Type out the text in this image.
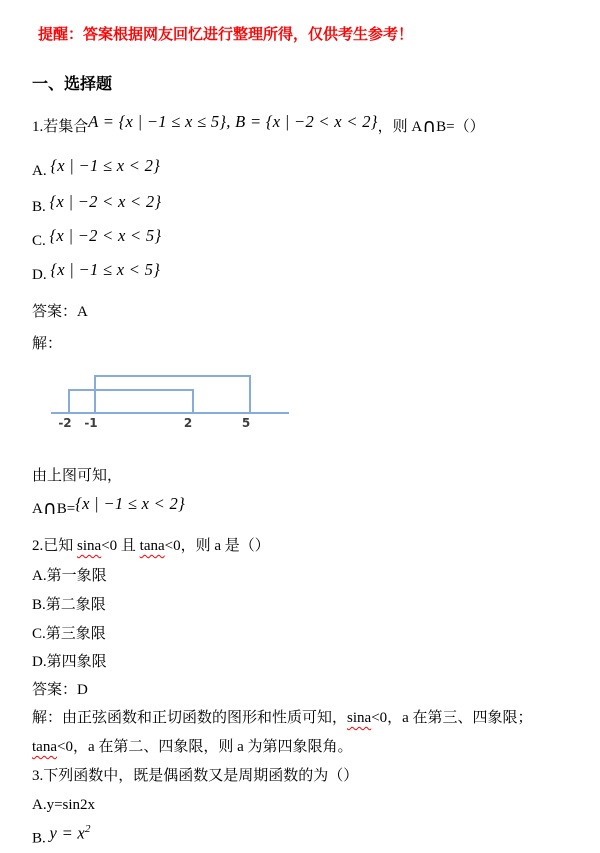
提醒：答案根据网友回忆进行整理所得，仅供考生参考！

一、选择题

1.若集合A = {x | −1 ≤ x ≤ 5}, B = {x | −2 < x < 2}，则 A∩B=（）

A. {x | −1 ≤ x < 2}

B. {x | −2 < x < 2}

C. {x | −2 < x < 5}

D. {x | −1 ≤ x < 5}

答案：A

解：

-2 -1	2	5

由上图可知，

A∩B={x | −1 ≤ x < 2}

2.已知 sina<0 且 tana<0，则 a 是（）

A.第一象限

B.第二象限

C.第三象限

D.第四象限

答案：D

解：由正弦函数和正切函数的图形和性质可知，sina<0，a 在第三、四象限；

tana<0，a 在第二、四象限，则 a 为第四象限角。

3.下列函数中，既是偶函数又是周期函数的为（）

A.y=sin2x

B. $y = x^2$
